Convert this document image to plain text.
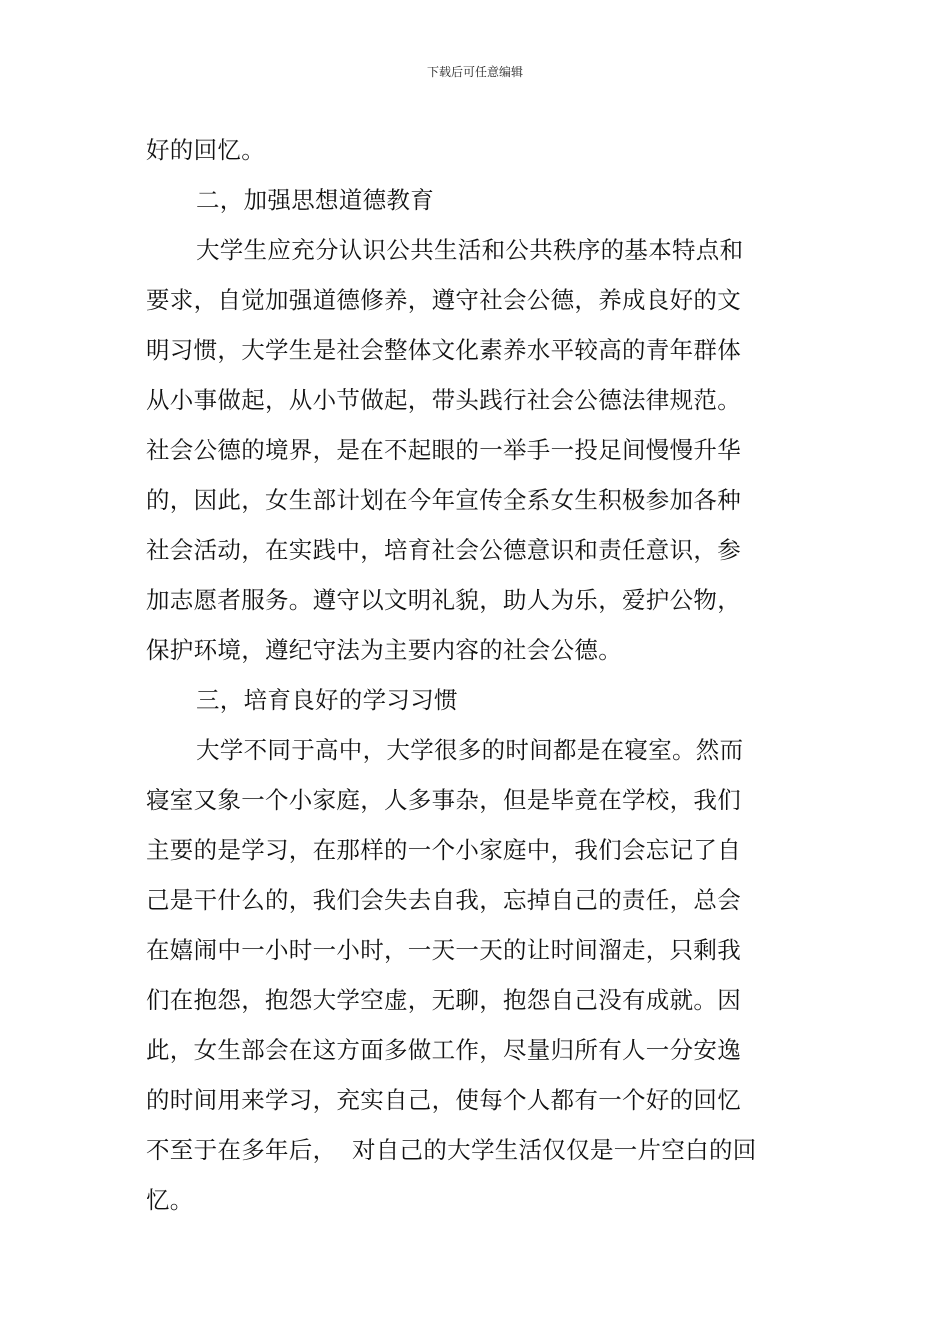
下载后可任意编辑
好的回忆。
二，加强思想道德教育
大学生应充分认识公共生活和公共秩序的基本特点和
要求，自觉加强道德修养，遵守社会公德，养成良好的文
明习惯，大学生是社会整体文化素养水平较高的青年群体
从小事做起，从小节做起，带头践行社会公德法律规范。
社会公德的境界，是在不起眼的一举手一投足间慢慢升华
的，因此，女生部计划在今年宣传全系女生积极参加各种
社会活动，在实践中，培育社会公德意识和责任意识，参
加志愿者服务。遵守以文明礼貌，助人为乐，爱护公物，
保护环境，遵纪守法为主要内容的社会公德。
三，培育良好的学习习惯
大学不同于高中，大学很多的时间都是在寝室。然而
寝室又象一个小家庭，人多事杂，但是毕竟在学校，我们
主要的是学习，在那样的一个小家庭中，我们会忘记了自
己是干什么的，我们会失去自我，忘掉自己的责任，总会
在嬉闹中一小时一小时，一天一天的让时间溜走，只剩我
们在抱怨，抱怨大学空虚，无聊，抱怨自己没有成就。因
此，女生部会在这方面多做工作，尽量归所有人一分安逸
的时间用来学习，充实自己，使每个人都有一个好的回忆
不至于在多年后，  对自己的大学生活仅仅是一片空白的回
忆。
